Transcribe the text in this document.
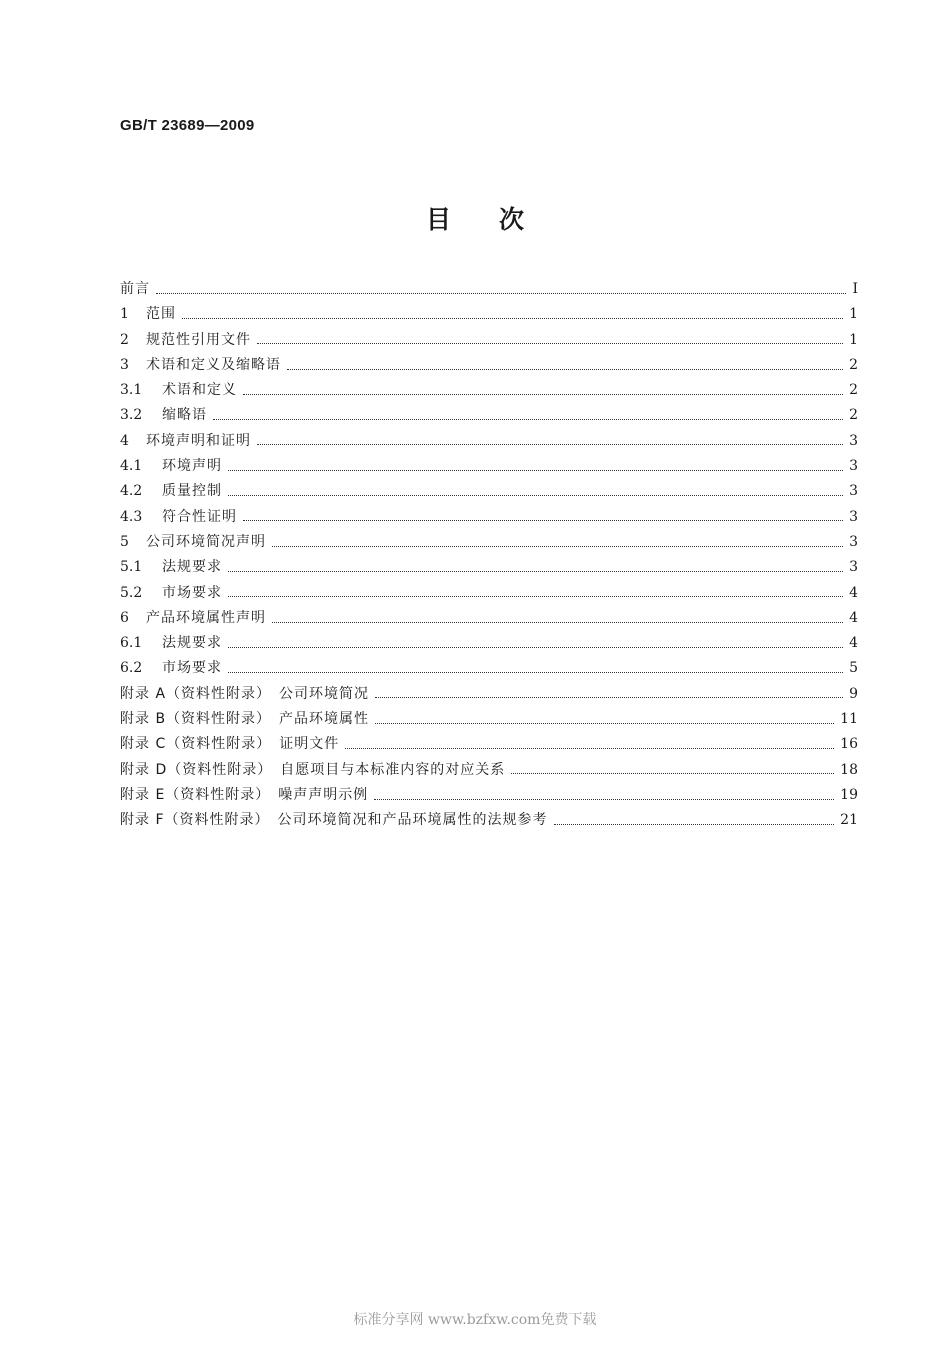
GB/T 23689—2009
目次
前言	Ⅰ
1	范围	1
2	规范性引用文件	1
3	术语和定义及缩略语	2
3.1	术语和定义	2
3.2	缩略语	2
4	环境声明和证明	3
4.1	环境声明	3
4.2	质量控制	3
4.3	符合性证明	3
5	公司环境简况声明	3
5.1	法规要求	3
5.2	市场要求	4
6	产品环境属性声明	4
6.1	法规要求	4
6.2	市场要求	5
附录 A（资料性附录）　公司环境简况	9
附录 B（资料性附录）　产品环境属性	11
附录 C（资料性附录）　证明文件	16
附录 D（资料性附录）　自愿项目与本标准内容的对应关系	18
附录 E（资料性附录）　噪声声明示例	19
附录 F（资料性附录）　公司环境简况和产品环境属性的法规参考	21
标准分享网 www.bzfxw.com免费下载
